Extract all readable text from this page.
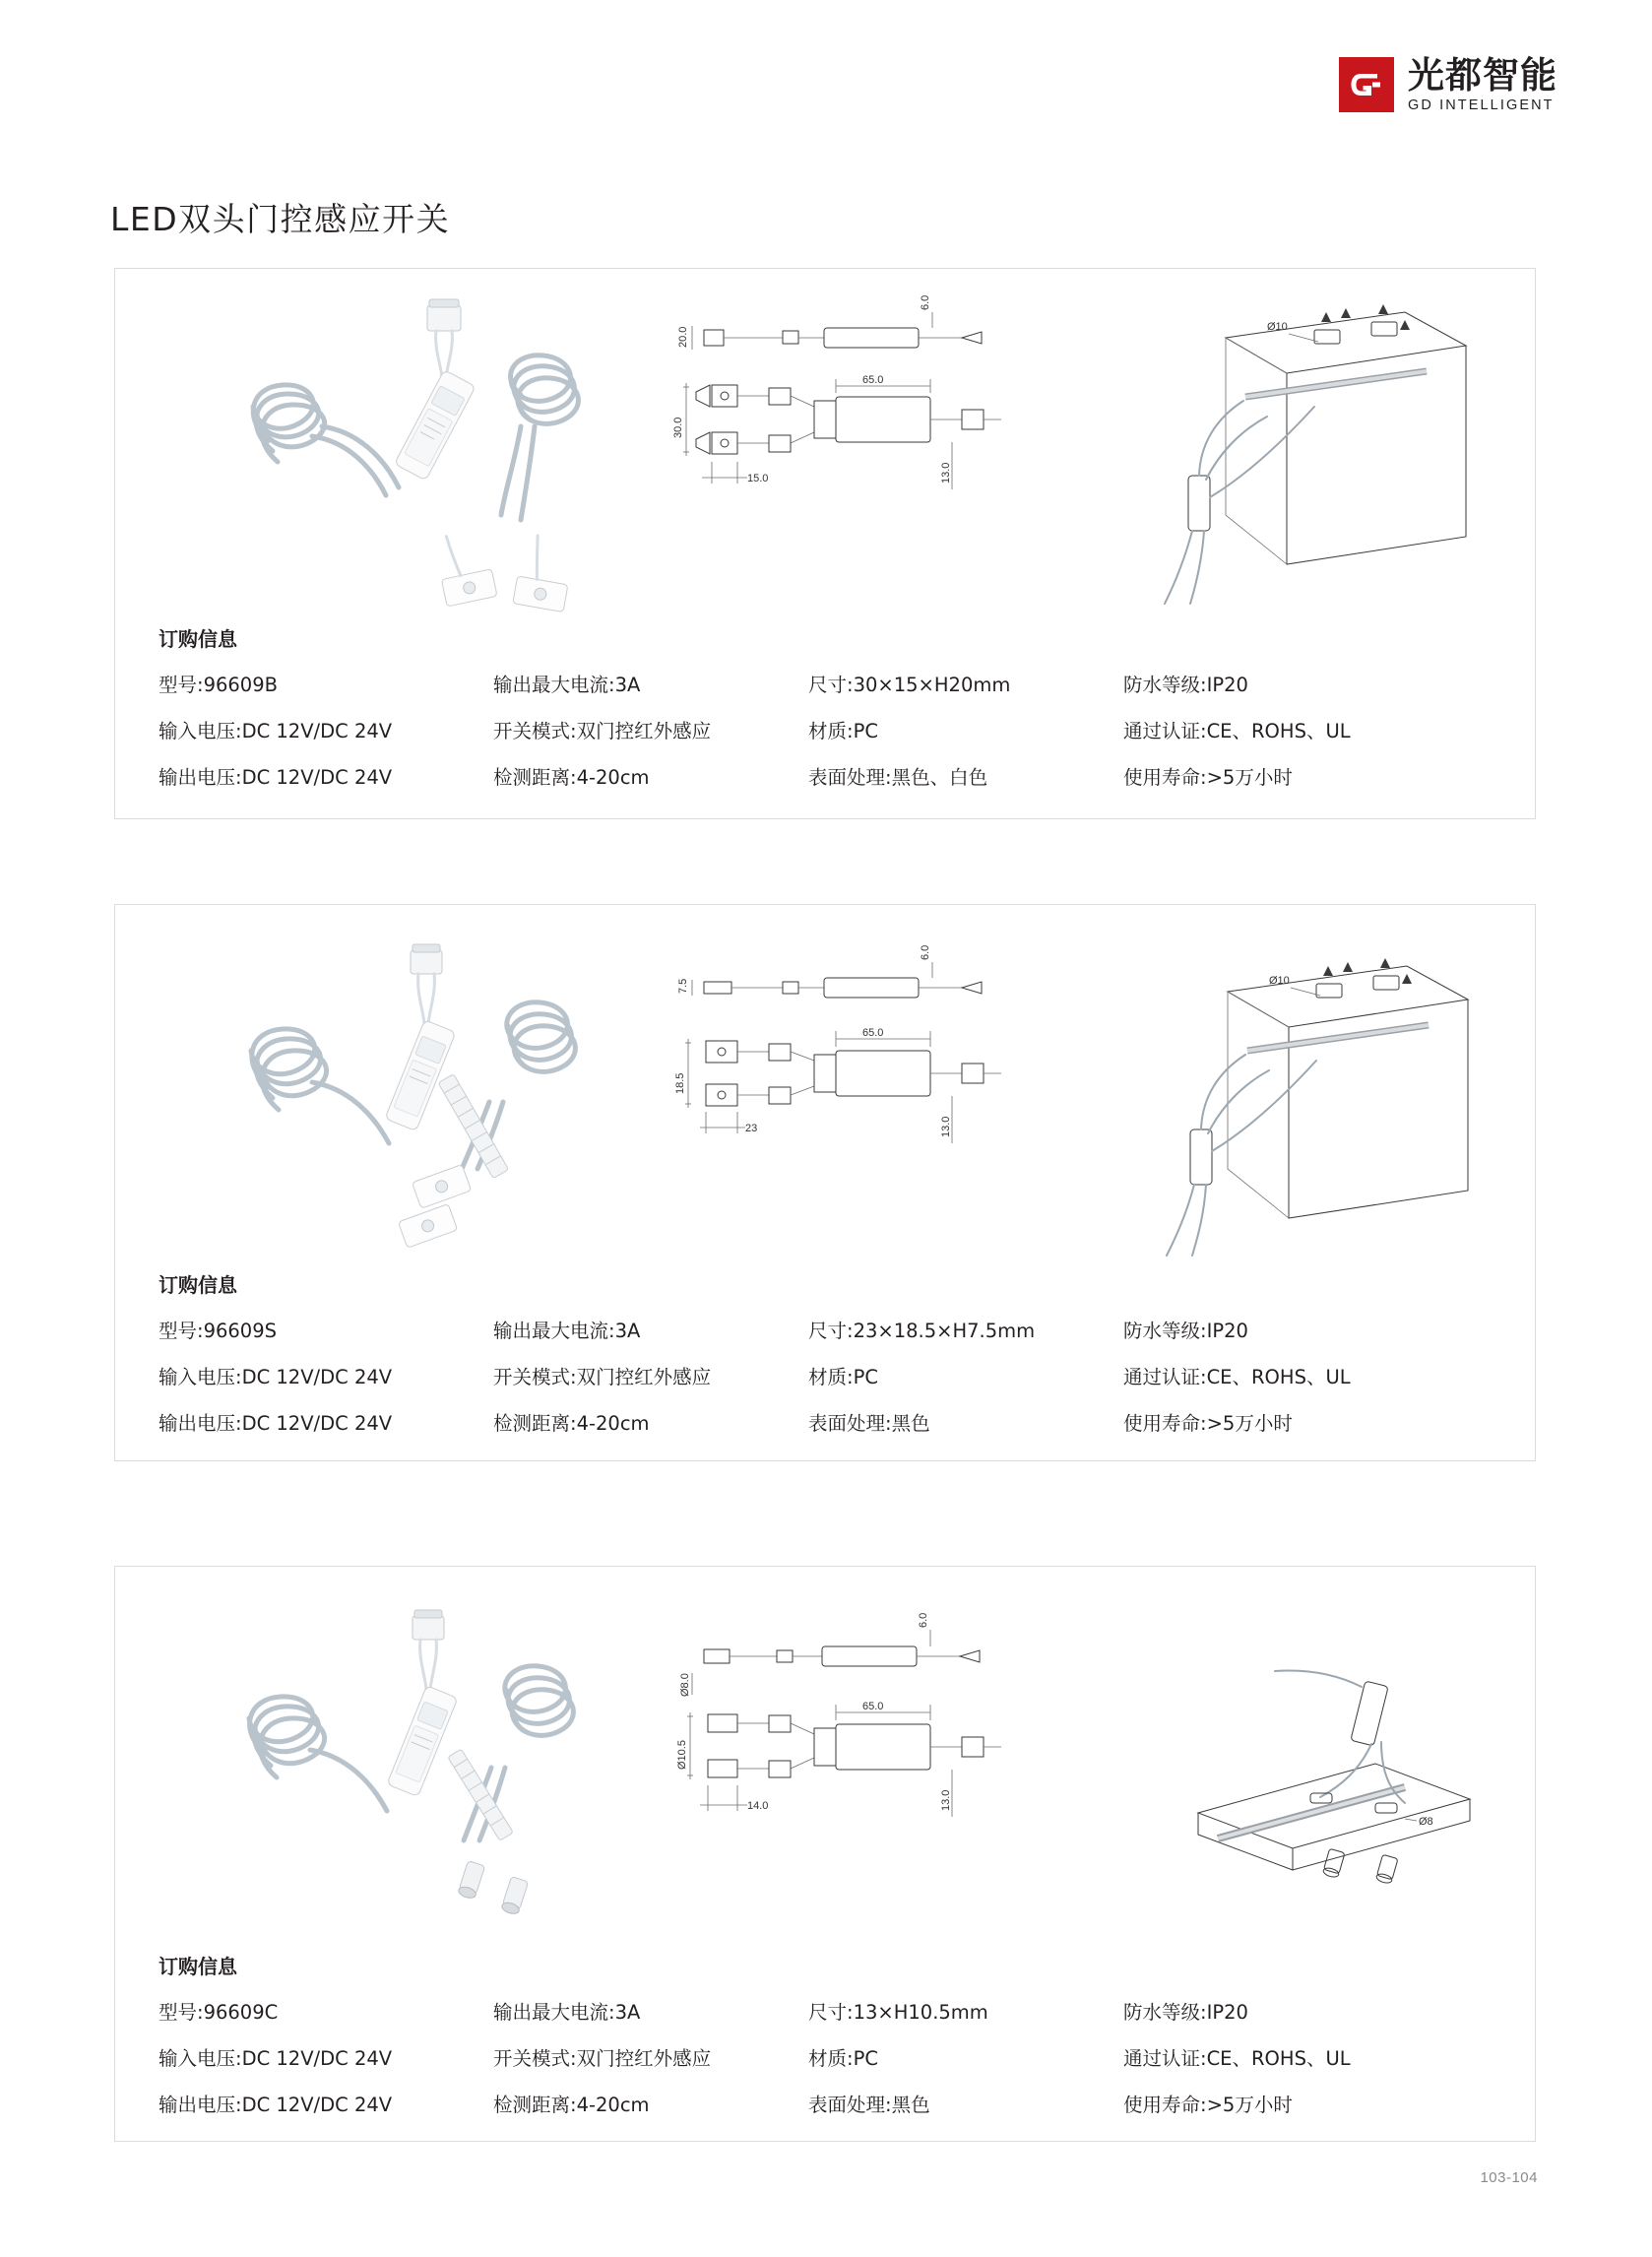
光都智能
GD INTELLIGENT
LED双头门控感应开关
20.0
6.0
30.0
65.0
13.0
15.0
Ø10
订购信息
型号:96609B
输入电压:DC 12V/DC 24V
输出电压:DC 12V/DC 24V
输出最大电流:3A
开关模式:双门控红外感应
检测距离:4-20cm
尺寸:30×15×H20mm
材质:PC
表面处理:黑色、白色
防水等级:IP20
通过认证:CE、ROHS、UL
使用寿命:>5万小时
7.5
6.0
18.5
23
65.0
13.0
Ø10
订购信息
型号:96609S
输入电压:DC 12V/DC 24V
输出电压:DC 12V/DC 24V
输出最大电流:3A
开关模式:双门控红外感应
检测距离:4-20cm
尺寸:23×18.5×H7.5mm
材质:PC
表面处理:黑色
防水等级:IP20
通过认证:CE、ROHS、UL
使用寿命:>5万小时
6.0
Ø8.0
Ø10.5
65.0
14.0	13.0
Ø8
订购信息
型号:96609C
输入电压:DC 12V/DC 24V
输出电压:DC 12V/DC 24V
输出最大电流:3A
开关模式:双门控红外感应
检测距离:4-20cm
尺寸:13×H10.5mm
材质:PC
表面处理:黑色
防水等级:IP20
通过认证:CE、ROHS、UL
使用寿命:>5万小时
103-104
